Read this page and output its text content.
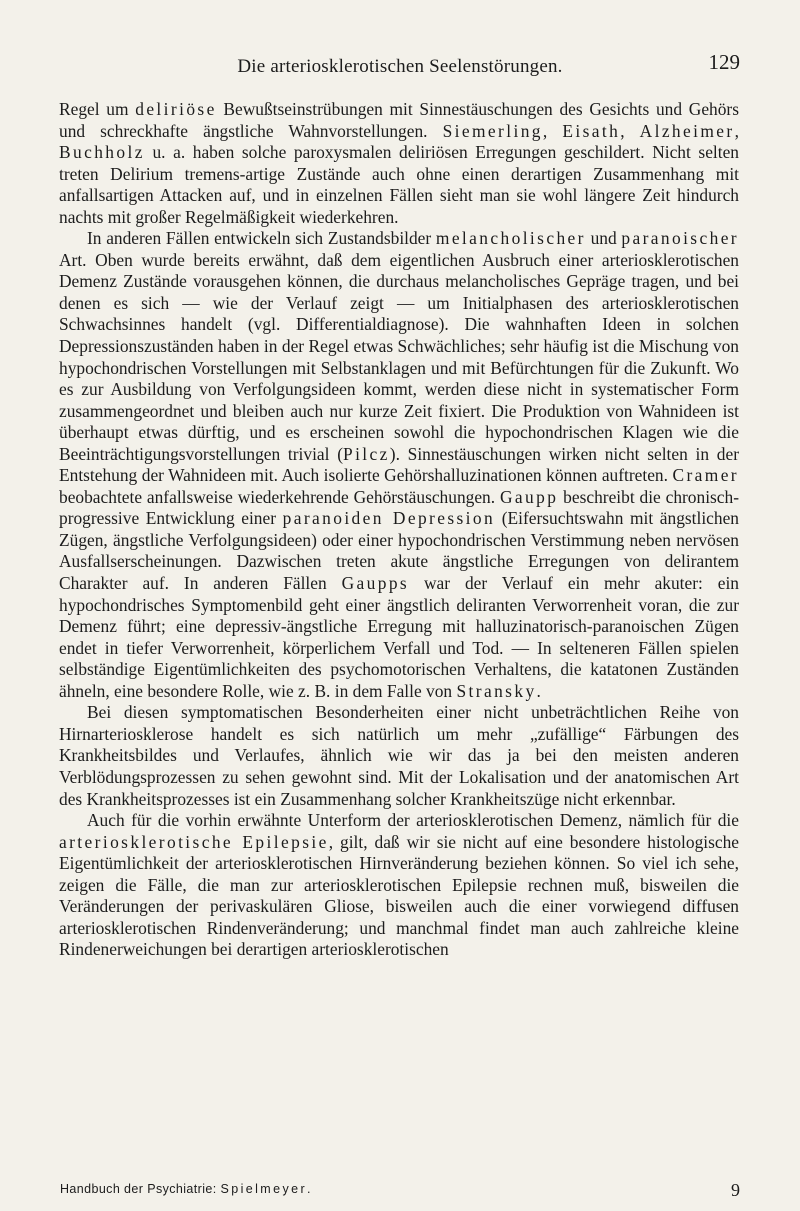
Die arteriosklerotischen Seelenstörungen.	129

Regel um deliriöse Bewußtseinstrübungen mit Sinnestäuschungen des Gesichts und Gehörs und schreckhafte ängstliche Wahnvorstellungen. Siemerling, Eisath, Alzheimer, Buchholz u. a. haben solche paroxysmalen deliriösen Erregungen geschildert. Nicht selten treten Delirium tremens-artige Zustände auch ohne einen derartigen Zusammenhang mit anfallsartigen Attacken auf, und in einzelnen Fällen sieht man sie wohl längere Zeit hindurch nachts mit großer Regelmäßigkeit wiederkehren.

In anderen Fällen entwickeln sich Zustandsbilder melancholischer und paranoischer Art. Oben wurde bereits erwähnt, daß dem eigentlichen Ausbruch einer arteriosklerotischen Demenz Zustände vorausgehen können, die durchaus melancholisches Gepräge tragen, und bei denen es sich — wie der Verlauf zeigt — um Initialphasen des arteriosklerotischen Schwachsinnes handelt (vgl. Differentialdiagnose). Die wahnhaften Ideen in solchen Depressionszuständen haben in der Regel etwas Schwächliches; sehr häufig ist die Mischung von hypochondrischen Vorstellungen mit Selbstanklagen und mit Befürchtungen für die Zukunft. Wo es zur Ausbildung von Verfolgungsideen kommt, werden diese nicht in systematischer Form zusammengeordnet und bleiben auch nur kurze Zeit fixiert. Die Produktion von Wahnideen ist überhaupt etwas dürftig, und es erscheinen sowohl die hypochondrischen Klagen wie die Beeinträchtigungsvorstellungen trivial (Pilcz). Sinnestäuschungen wirken nicht selten in der Entstehung der Wahnideen mit. Auch isolierte Gehörshalluzinationen können auftreten. Cramer beobachtete anfallsweise wiederkehrende Gehörstäuschungen. Gaupp beschreibt die chronisch-progressive Entwicklung einer paranoiden Depression (Eifersuchtswahn mit ängstlichen Zügen, ängstliche Verfolgungsideen) oder einer hypochondrischen Verstimmung neben nervösen Ausfallserscheinungen. Dazwischen treten akute ängstliche Erregungen von delirantem Charakter auf. In anderen Fällen Gaupps war der Verlauf ein mehr akuter: ein hypochondrisches Symptomenbild geht einer ängstlich deliranten Verworrenheit voran, die zur Demenz führt; eine depressiv-ängstliche Erregung mit halluzinatorisch-paranoischen Zügen endet in tiefer Verworrenheit, körperlichem Verfall und Tod. — In selteneren Fällen spielen selbständige Eigentümlichkeiten des psychomotorischen Verhaltens, die katatonen Zuständen ähneln, eine besondere Rolle, wie z. B. in dem Falle von Stransky.

Bei diesen symptomatischen Besonderheiten einer nicht unbeträchtlichen Reihe von Hirnarteriosklerose handelt es sich natürlich um mehr „zufällige“ Färbungen des Krankheitsbildes und Verlaufes, ähnlich wie wir das ja bei den meisten anderen Verblödungsprozessen zu sehen gewohnt sind. Mit der Lokalisation und der anatomischen Art des Krankheitsprozesses ist ein Zusammenhang solcher Krankheitszüge nicht erkennbar.

Auch für die vorhin erwähnte Unterform der arteriosklerotischen Demenz, nämlich für die arteriosklerotische Epilepsie, gilt, daß wir sie nicht auf eine besondere histologische Eigentümlichkeit der arteriosklerotischen Hirnveränderung beziehen können. So viel ich sehe, zeigen die Fälle, die man zur arteriosklerotischen Epilepsie rechnen muß, bisweilen die Veränderungen der perivaskulären Gliose, bisweilen auch die einer vorwiegend diffusen arteriosklerotischen Rindenveränderung; und manchmal findet man auch zahlreiche kleine Rindenerweichungen bei derartigen arteriosklerotischen

Handbuch der Psychiatrie: Spielmeyer.	9
